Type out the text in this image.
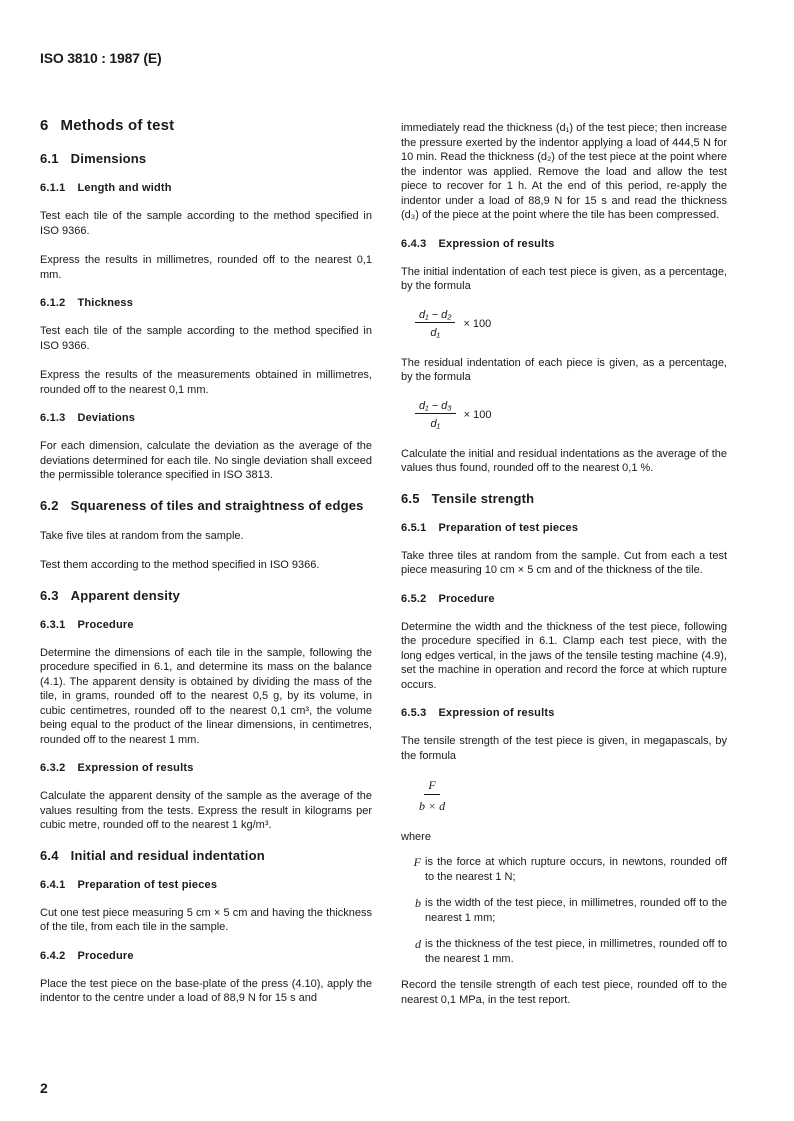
ISO 3810 : 1987 (E)
6 Methods of test
6.1 Dimensions
6.1.1 Length and width

Test each tile of the sample according to the method specified in ISO 9366.

Express the results in millimetres, rounded off to the nearest 0,1 mm.

6.1.2 Thickness

Test each tile of the sample according to the method specified in ISO 9366.

Express the results of the measurements obtained in millimetres, rounded off to the nearest 0,1 mm.

6.1.3 Deviations

For each dimension, calculate the deviation as the average of the deviations determined for each tile. No single deviation shall exceed the permissible tolerance specified in ISO 3813.

6.2 Squareness of tiles and straightness of edges

Take five tiles at random from the sample.

Test them according to the method specified in ISO 9366.

6.3 Apparent density
6.3.1 Procedure

Determine the dimensions of each tile in the sample, following the procedure specified in 6.1, and determine its mass on the balance (4.1). The apparent density is obtained by dividing the mass of the tile, in grams, rounded off to the nearest 0,5 g, by its volume, in cubic centimetres, rounded off to the nearest 0,1 cm³, the volume being equal to the product of the linear dimensions, in centimetres, rounded off to the nearest 1 mm.

6.3.2 Expression of results

Calculate the apparent density of the sample as the average of the values resulting from the tests. Express the result in kilograms per cubic metre, rounded off to the nearest 1 kg/m³.

6.4 Initial and residual indentation
6.4.1 Preparation of test pieces

Cut one test piece measuring 5 cm × 5 cm and having the thickness of the tile, from each tile in the sample.

6.4.2 Procedure

Place the test piece on the base-plate of the press (4.10), apply the indentor to the centre under a load of 88,9 N for 15 s and

immediately read the thickness (d₁) of the test piece; then increase the pressure exerted by the indentor applying a load of 444,5 N for 10 min. Read the thickness (d₂) of the test piece at the point where the indentor was applied. Remove the load and allow the test piece to recover for 1 h. At the end of this period, re-apply the indentor under a load of 88,9 N for 15 s and read the thickness (d₃) of the piece at the point where the tile has been compressed.

6.4.3 Expression of results

The initial indentation of each test piece is given, as a percentage, by the formula

$\frac{\text{d₁ − d₂}}{\text{d₁}} \times 100$

The residual indentation of each piece is given, as a percentage, by the formula

$\frac{\text{d₁ − d₃}}{\text{d₁}} \times 100$

Calculate the initial and residual indentations as the average of the values thus found, rounded off to the nearest 0,1 %.

6.5 Tensile strength
6.5.1 Preparation of test pieces

Take three tiles at random from the sample. Cut from each a test piece measuring 10 cm × 5 cm and of the thickness of the tile.

6.5.2 Procedure

Determine the width and the thickness of the test piece, following the procedure specified in 6.1. Clamp each test piece, with the long edges vertical, in the jaws of the tensile testing machine (4.9), set the machine in operation and record the force at which rupture occurs.

6.5.3 Expression of results

The tensile strength of the test piece is given, in megapascals, by the formula

$\frac{F}{b \times d}$
where
F is the force at which rupture occurs, in newtons, rounded off to the nearest 1 N;
b is the width of the test piece, in millimetres, rounded off to the nearest 1 mm;
d is the thickness of the test piece, in millimetres, rounded off to the nearest 1 mm.

Record the tensile strength of each test piece, rounded off to the nearest 0,1 MPa, in the test report.

2
